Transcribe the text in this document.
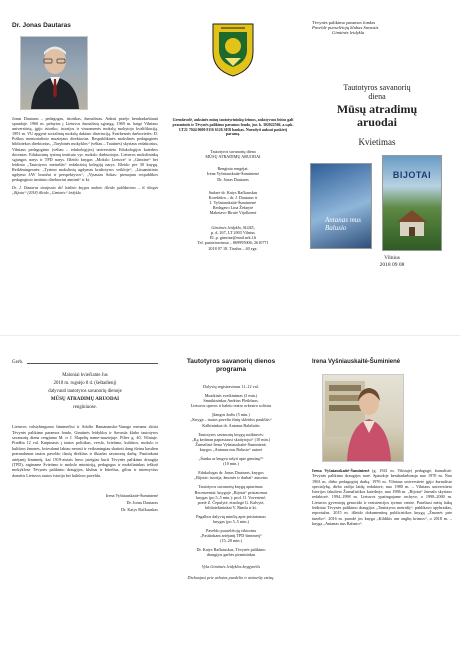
Dr. Jonas Dautaras

Jonas Dautaras – pedagogas, istorikas, žurnalistas. Anksti praėjo bendradarbiauti spaudoje. 1960 m. pelnytas į Lietuvos žurnalistų sąjungą, 1969 m. baigė Vilniaus universitetą, įgijo istoriko, istorijos ir visuomenės mokslų mokytojo kvalifikaciją. 1991 m. VU apgynė socialinių mokslų daktaro disertaciją. Švarbesnės darbovietės: D. Poškos memorialinio muziejaus direktorius. Respublikinės mokslinės pedagoginės bibliotekos direktorius, „Tarybinės mokyklos“ (vėliau – Tautinės) skyriaus redaktorius, Vilniaus pedagoginio (vėliau – edukologijos) universiteto Edukologijos katedros docentas. Edukacinių tyrimų instituto vyr. mokslo darbuotojas. Lietuvos mokslininkų sąjungos narys ir TPD narys. Išleido knygas „Mokslo Lietuva“ ir „Gimtinė“ bei leidinio „Tautotyros metraštis“ redakcinių kolegijų narys. Išleido per 30 knygų. Reikšmingesnės: „Tyrimo mokslinių ugdymas kraštotyros veikloje“, „Lituanistinio ugdymo JAV bruožai ir perspektyvos“, „Vytautas Sokas: pirmajam respublikos pedagoginio instituto direktoriui atminti“ ir kt.

Dr. J. Dautaras straipsnio dėl leidinio knygos maketo išleido publikavimo – iš rikogės „Bijotai“ (2018) išleido „Gimtinės“ leidykla.

Grendavolė, auksinės mūsų tautotyrininkų šeimos, ankstyvuos būtos gali prasmintis ir Tėvynės palikimo paramos fondo, jur. k. 302022566, a.sąsk. LT21 7044 0600 0116 6126 SEB bankas. Nurodyti auksui paskirtį paramą.

Tautotyros savanorių diena

MŪSŲ ATRADIMŲ ARUODAI

Renginio rengėjai:

Irena Vyšniauskaitė-Šuminienė

Dr. Jonas Dautaras

Sudarė dr. Katys Račkauskas

Korektūra – dr. J. Dautaras ir

I. Vyšniauskaitė-Šuminienė

Redagavo Lina Žeknytė

Maketavo Birutė Vijolkienė

Gimtinės leidykla, SL045,

p. d. 267, LT 2003 Vilnius

El. p. gimtine@mail.nrk.l.lt

Tel. pasiteiravimui – 869995006; 2610771

2018 07 18. Tiražas – 40 egz.

Tėvynės palikimo paramos fondas

Pavelde puoselėtojų klubas Savastis

Gimtinės leidykla

Tautotyros savanorių

diena

Mūsų atradimų

aruodai

Kvietimas

Antanas mus Balusio
BIJOTAI

Vilnius

2018 09 08

Gerb.

Maloniai kviečiame Jus

2018 m. rugsėjo 8 d. (šeštadienį)

dalyvauti tautotyros savanorių dienoje

MŪSŲ ATRADIMŲ ARUODAI

renginiuose.

Lietuvos valstybingumo šimtmečiui ir Adolfo Ramanausko-Vanago metams skiria Tėvynės palikimo paramos fondo, Gimtinės leidyklos ir Savastis klubo tautotyros savanorių diena rengiama M. ir J. Šlapelių name-muziejuje. Pilies g. 40, Vilniuje. Pradžia 12 val. Knipinasis į tautos politikus, verslo, švietimo, kultūros, mokslo ir kultūros žmones, kviesdami labiau nerasti ir veiksmingiau skatinti dang išeina kasdien prarandamas tautos paveldo ilsnių išteklius ir ilkiadas savanorių darbą. Pasitinkant artėjantį šimtmetį, kai 1919-aisiais buvo įsteigtas kurti Tėvynės palikimo draugija (TPD), raginame Švietimo ir mokslo ministriją, pedagogus ir mokslininkus ieškoti mokyklose Tėvynės palikimo draugijos, klubus ir būrelius, gilius ir intensyvius domėtis Lietuvos tautos istorija bei kultūros paveldu.

Irena Vyšniauskaitė-Šuminienė

Dr. Jonas Dautaras

Dr. Katys Račkauskas

Tautotyros savanorių dienos

programa

Dalyvių registravimas 11–12 val.

Muzikinis sveikinimas (3 min.)

Smuikininkas Andrius Pleikšnas.

Lietuvos operos ir baleto teatro orkestro solistas

Įžangos žodis (5 min.)

„Knyga – tautos pavelto išnių skleidos paukštis“

Kalbininkas dr. Antanas Balašaitis

Tautotyros savanorių knygų sutiktuvės:

„Ką keitinan paprasiausi skaitytojui“ (10 min.)

Žurnalistė Irena Vyšniauskaitė-Šuminienė,

knygos „Antanas nus Balusio“ autorė

„Šunku ar lengva rašyti apie gimtinę?“

(10 min.)

Edukologas dr. Jonas Dautaras, knygos

„Bijotai: istorija, žmonės ir darbai“ autorius

Tautotyros savanorių knygų aptarimas:

Recenzentai: knygoje „Bijotai“ pristatomas

knygas (po 5–5 min.): prof. O. Voveriené,

poetė Z. Čepulytė, etnologė G. Kalvytė,

bibliotekininkai V. Rimša ir kt.

Pagalbos dalyvių minčių apie pristatomas

knygas (po 5–5 min.)

Paveldo puoselėtojų viktorina

„Pasitinkant artėjantį TPD šimtmetį“

(15–20 min.)

Dr. Katys Račkauskas, Tėvynės palikimo

draugijos garbės pirmininkas

Vyks Gimtinės leidyklos knygynėlis

Dicbuojasi prie arbatos puodelio ir atsinešty estisų.

Irena Vyšniauskaitė-Šuminienė

Irena Vyšniauskaitė-Šuminienė (g. 1941 m. Vilniuje) pedagogė, žurnalistė. Tėvynės palikimo draugijos narė. Spaudoje bendradarbiauja nuo 1970 m. Nuo 1963 m. dirbo pedagoginį darbą. 1976 m. Vilniaus universitete įgijo žurnalisto specialybę, dirbo radijo laidų redaktore, nuo 1980 m. – Vilniaus universiteto Istorijos fakulteto Žurnalistikos katedroje, nuo 1986 m. „Bijotai“ žurnalo skyriaus redaktorė. 1994–1998 m. Lietuvos ypatingajame archyve, o 1998–2000 m. Lietuvos gyventojų genocido ir rezistencijos tyrimo centre. Parašiusi mėtų laikų leidiniai Tėvynės palikimo draugijos „Tautotyros metraštį“, publikavo apybraižas, reportažus. 2015 m. išleido dokumentinę publicistikos knygą „Žmonės prie tunelio“. 2016 m. parodė jos knyga „Kildikis anr angliņ krimos“, o 2018 m. – knyga „Antanas nus Balusio“.
